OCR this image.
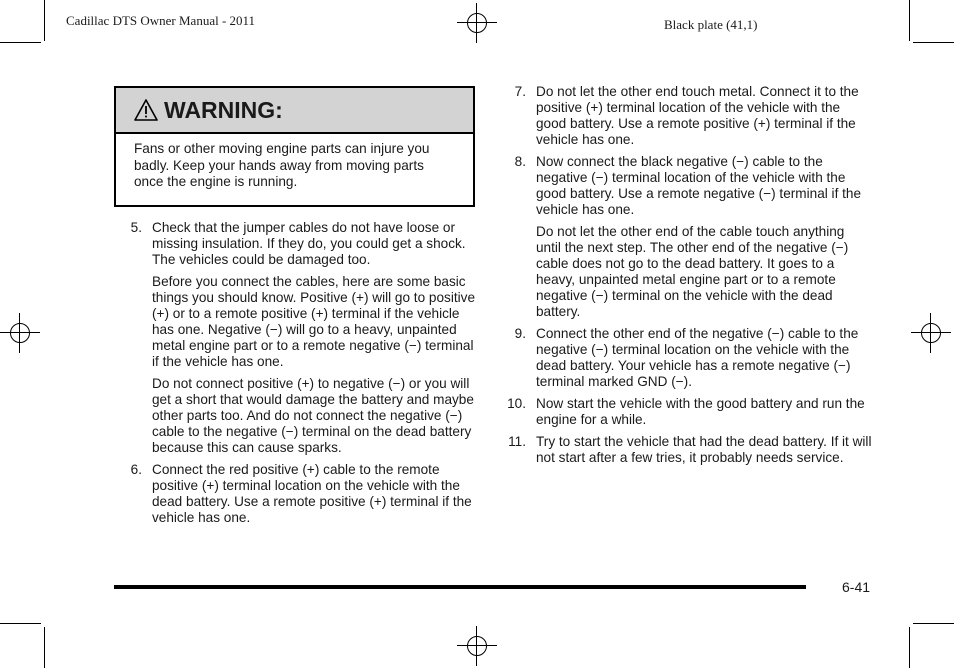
Cadillac DTS Owner Manual - 2011	Black plate (41,1)
WARNING:
Fans or other moving engine parts can injure you badly. Keep your hands away from moving parts once the engine is running.
5. Check that the jumper cables do not have loose or missing insulation. If they do, you could get a shock. The vehicles could be damaged too.

Before you connect the cables, here are some basic things you should know. Positive (+) will go to positive (+) or to a remote positive (+) terminal if the vehicle has one. Negative (−) will go to a heavy, unpainted metal engine part or to a remote negative (−) terminal if the vehicle has one.

Do not connect positive (+) to negative (−) or you will get a short that would damage the battery and maybe other parts too. And do not connect the negative (−) cable to the negative (−) terminal on the dead battery because this can cause sparks.

6. Connect the red positive (+) cable to the remote positive (+) terminal location on the vehicle with the dead battery. Use a remote positive (+) terminal if the vehicle has one.

7. Do not let the other end touch metal. Connect it to the positive (+) terminal location of the vehicle with the good battery. Use a remote positive (+) terminal if the vehicle has one.

8. Now connect the black negative (−) cable to the negative (−) terminal location of the vehicle with the good battery. Use a remote negative (−) terminal if the vehicle has one.

Do not let the other end of the cable touch anything until the next step. The other end of the negative (−) cable does not go to the dead battery. It goes to a heavy, unpainted metal engine part or to a remote negative (−) terminal on the vehicle with the dead battery.

9. Connect the other end of the negative (−) cable to the negative (−) terminal location on the vehicle with the dead battery. Your vehicle has a remote negative (−) terminal marked GND (−).

10. Now start the vehicle with the good battery and run the engine for a while.

11. Try to start the vehicle that had the dead battery. If it will not start after a few tries, it probably needs service.

6-41
